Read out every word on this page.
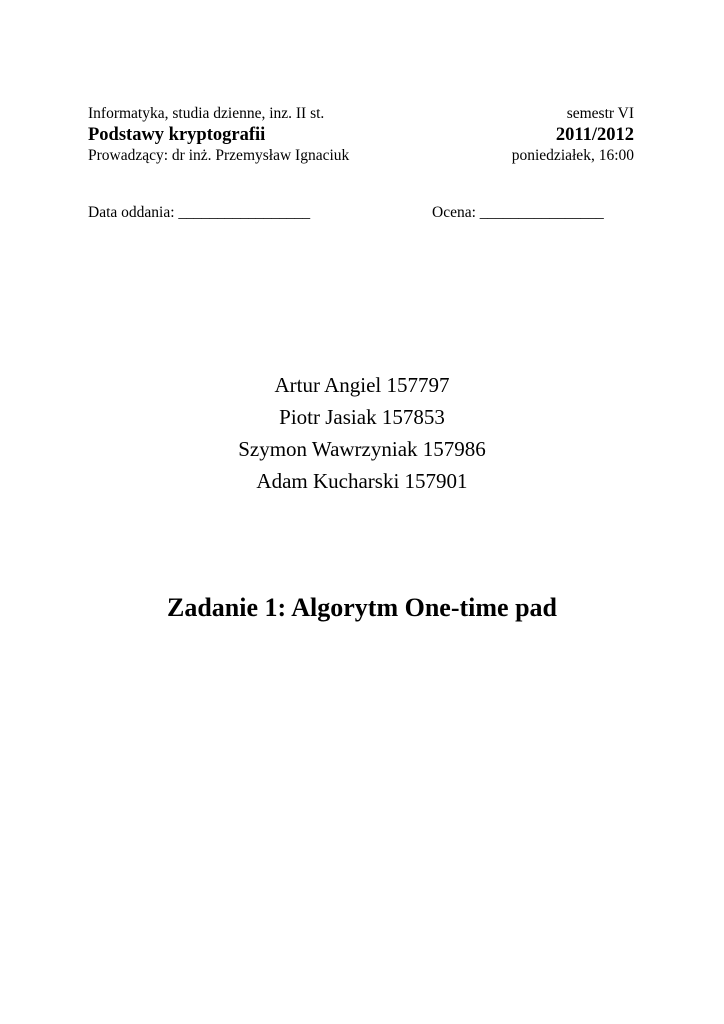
Informatyka, studia dzienne, inz. II st.	semestr VI
Podstawy kryptografii	2011/2012
Prowadzący: dr inż. Przemysław Ignaciuk	poniedziałek, 16:00
Data oddania: _________________	Ocena: ________________
Artur Angiel 157797
Piotr Jasiak 157853
Szymon Wawrzyniak 157986
Adam Kucharski 157901
Zadanie 1: Algorytm One-time pad
